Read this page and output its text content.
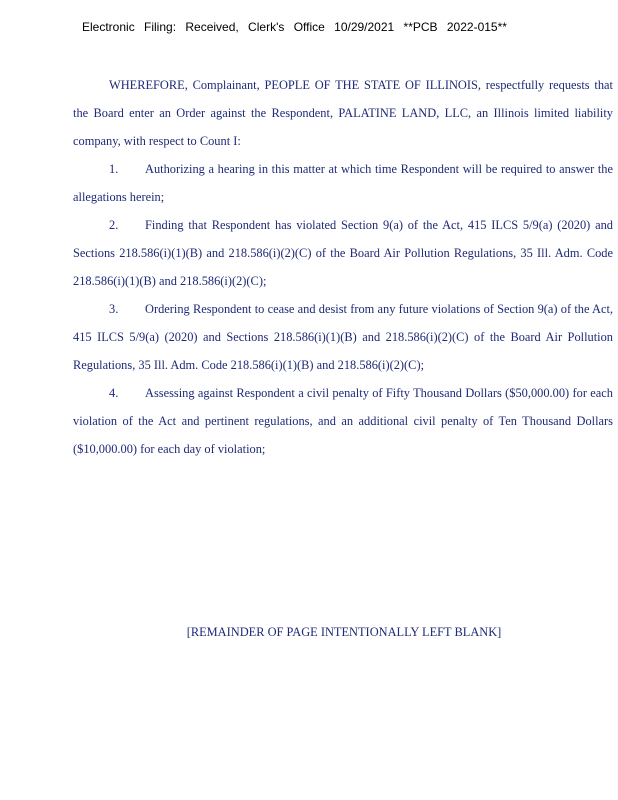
Electronic Filing: Received, Clerk's Office 10/29/2021 **PCB 2022-015**

WHEREFORE, Complainant, PEOPLE OF THE STATE OF ILLINOIS, respectfully requests that the Board enter an Order against the Respondent, PALATINE LAND, LLC, an Illinois limited liability company, with respect to Count I:

1. Authorizing a hearing in this matter at which time Respondent will be required to answer the allegations herein;

2. Finding that Respondent has violated Section 9(a) of the Act, 415 ILCS 5/9(a) (2020) and Sections 218.586(i)(1)(B) and 218.586(i)(2)(C) of the Board Air Pollution Regulations, 35 Ill. Adm. Code 218.586(i)(1)(B) and 218.586(i)(2)(C);

3. Ordering Respondent to cease and desist from any future violations of Section 9(a) of the Act, 415 ILCS 5/9(a) (2020) and Sections 218.586(i)(1)(B) and 218.586(i)(2)(C) of the Board Air Pollution Regulations, 35 Ill. Adm. Code 218.586(i)(1)(B) and 218.586(i)(2)(C);

4. Assessing against Respondent a civil penalty of Fifty Thousand Dollars ($50,000.00) for each violation of the Act and pertinent regulations, and an additional civil penalty of Ten Thousand Dollars ($10,000.00) for each day of violation;

[REMAINDER OF PAGE INTENTIONALLY LEFT BLANK]
